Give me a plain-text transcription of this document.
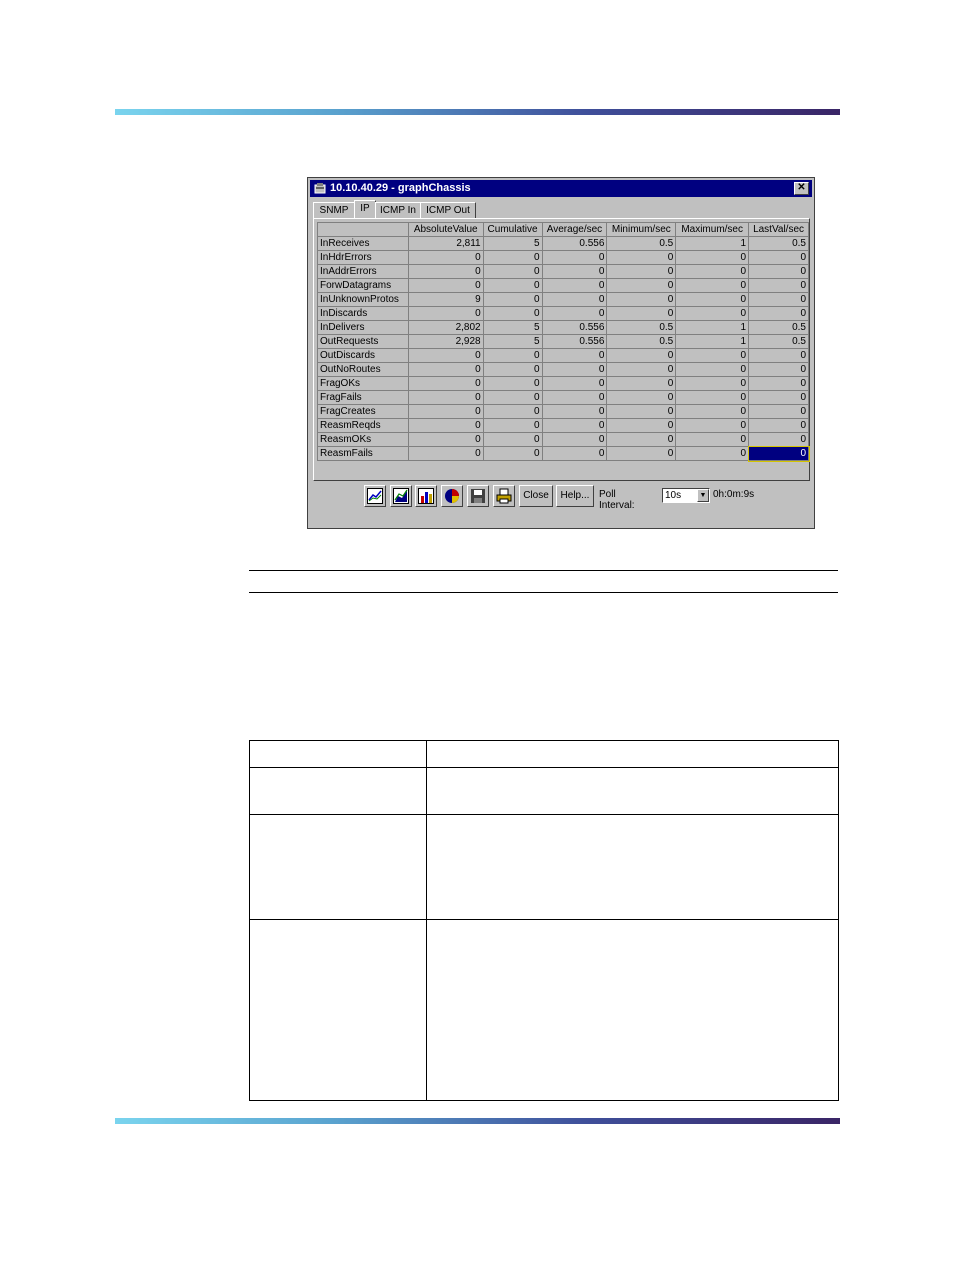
10.10.40.29 - graphChassis	✕
SNMP	IP	ICMP In	ICMP Out
	AbsoluteValue	Cumulative	Average/sec	Minimum/sec	Maximum/sec	LastVal/sec
InReceives	2,811	5	0.556	0.5	1	0.5
InHdrErrors	0	0	0	0	0	0
InAddrErrors	0	0	0	0	0	0
ForwDatagrams	0	0	0	0	0	0
InUnknownProtos	9	0	0	0	0	0
InDiscards	0	0	0	0	0	0
InDelivers	2,802	5	0.556	0.5	1	0.5
OutRequests	2,928	5	0.556	0.5	1	0.5
OutDiscards	0	0	0	0	0	0
OutNoRoutes	0	0	0	0	0	0
FragOKs	0	0	0	0	0	0
FragFails	0	0	0	0	0	0
FragCreates	0	0	0	0	0	0
ReasmReqds	0	0	0	0	0	0
ReasmOKs	0	0	0	0	0	0
ReasmFails	0	0	0	0	0	0
Close	Help... Poll Interval:
10s	▼ 0h:0m:9s
